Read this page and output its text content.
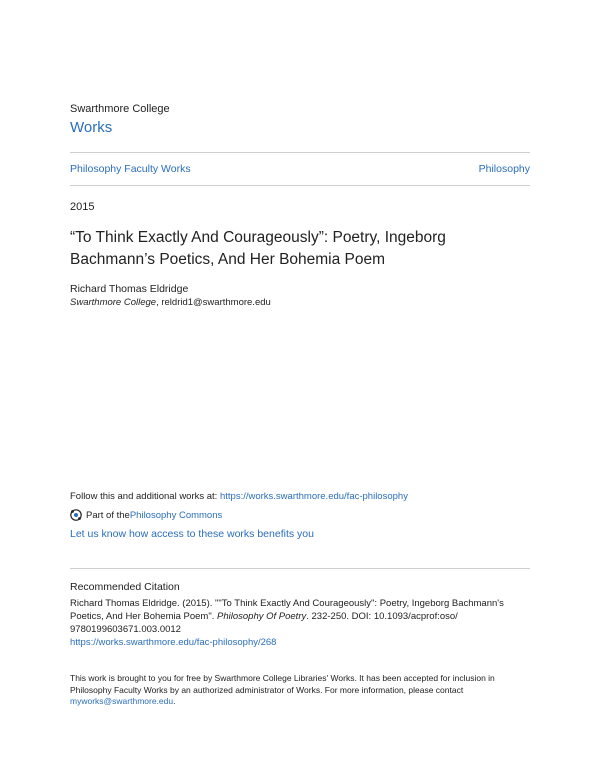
Swarthmore College
Works
Philosophy Faculty Works	Philosophy
2015
“To Think Exactly And Courageously”: Poetry, Ingeborg
Bachmann’s Poetics, And Her Bohemia Poem
Richard Thomas Eldridge
Swarthmore College, reldrid1@swarthmore.edu
Follow this and additional works at: https://works.swarthmore.edu/fac-philosophy
Part of the Philosophy Commons
Let us know how access to these works benefits you
Recommended Citation
Richard Thomas Eldridge. (2015). ""To Think Exactly And Courageously": Poetry, Ingeborg Bachmann's
Poetics, And Her Bohemia Poem". Philosophy Of Poetry. 232-250. DOI: 10.1093/acprof:oso/
9780199603671.003.0012
https://works.swarthmore.edu/fac-philosophy/268
This work is brought to you for free by Swarthmore College Libraries' Works. It has been accepted for inclusion in
Philosophy Faculty Works by an authorized administrator of Works. For more information, please contact
myworks@swarthmore.edu.
